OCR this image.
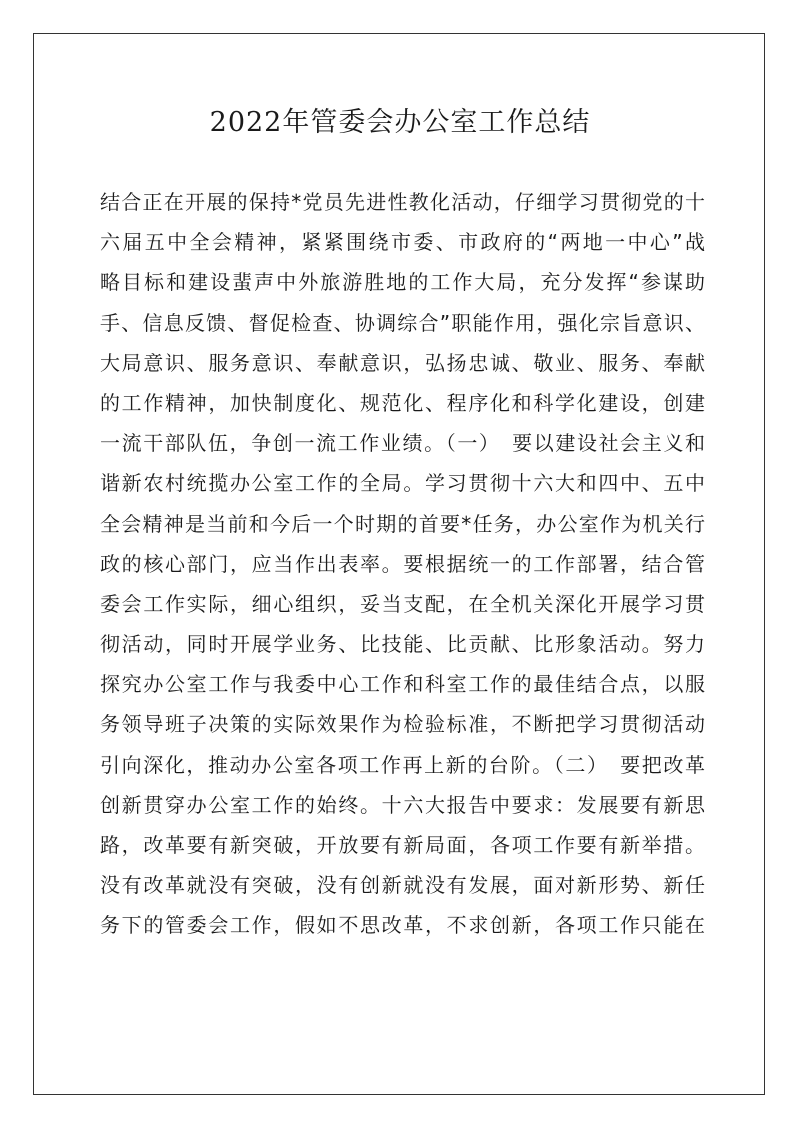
2022年管委会办公室工作总结
结合正在开展的保持*党员先进性教化活动，仔细学习贯彻党的十
六届五中全会精神，紧紧围绕市委、市政府的“两地一中心”战
略目标和建设蜚声中外旅游胜地的工作大局，充分发挥“参谋助
手、信息反馈、督促检查、协调综合”职能作用，强化宗旨意识、
大局意识、服务意识、奉献意识，弘扬忠诚、敬业、服务、奉献
的工作精神，加快制度化、规范化、程序化和科学化建设，创建
一流干部队伍，争创一流工作业绩。（一）　要以建设社会主义和
谐新农村统揽办公室工作的全局。学习贯彻十六大和四中、五中
全会精神是当前和今后一个时期的首要*任务，办公室作为机关行
政的核心部门，应当作出表率。要根据统一的工作部署，结合管
委会工作实际，细心组织，妥当支配，在全机关深化开展学习贯
彻活动，同时开展学业务、比技能、比贡献、比形象活动。努力
探究办公室工作与我委中心工作和科室工作的最佳结合点，以服
务领导班子决策的实际效果作为检验标准，不断把学习贯彻活动
引向深化，推动办公室各项工作再上新的台阶。（二）　要把改革
创新贯穿办公室工作的始终。十六大报告中要求：发展要有新思
路，改革要有新突破，开放要有新局面，各项工作要有新举措。
没有改革就没有突破，没有创新就没有发展，面对新形势、新任
务下的管委会工作，假如不思改革，不求创新，各项工作只能在
